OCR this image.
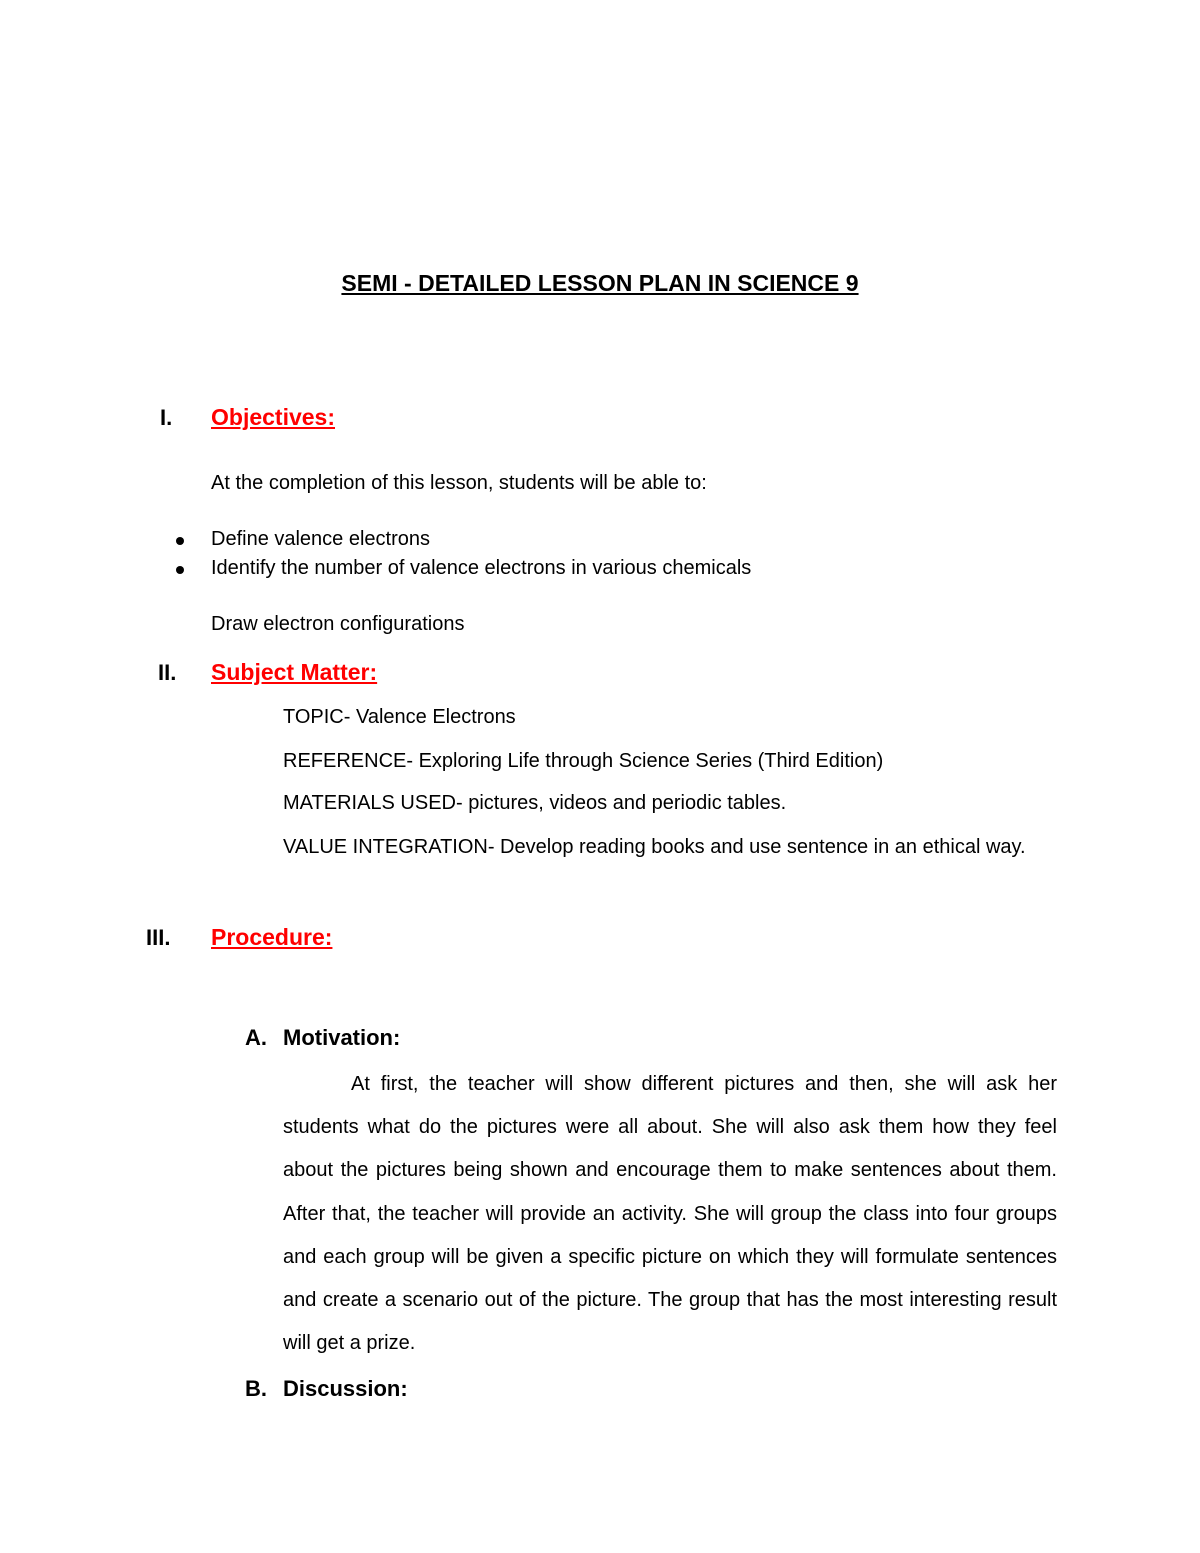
SEMI - DETAILED LESSON PLAN IN SCIENCE 9
I. Objectives:
At the completion of this lesson, students will be able to:
Define valence electrons
Identify the number of valence electrons in various chemicals
Draw electron configurations
II. Subject Matter:
TOPIC- Valence Electrons
REFERENCE- Exploring Life through Science Series (Third Edition)
MATERIALS USED- pictures, videos and periodic tables.
VALUE INTEGRATION- Develop reading books and use sentence in an ethical way.
III. Procedure:
A. Motivation:
At first, the teacher will show different pictures and then, she will ask her students what do the pictures were all about. She will also ask them how they feel about the pictures being shown and encourage them to make sentences about them. After that, the teacher will provide an activity. She will group the class into four groups and each group will be given a specific picture on which they will formulate sentences and create a scenario out of the picture. The group that has the most interesting result will get a prize.
B. Discussion:
